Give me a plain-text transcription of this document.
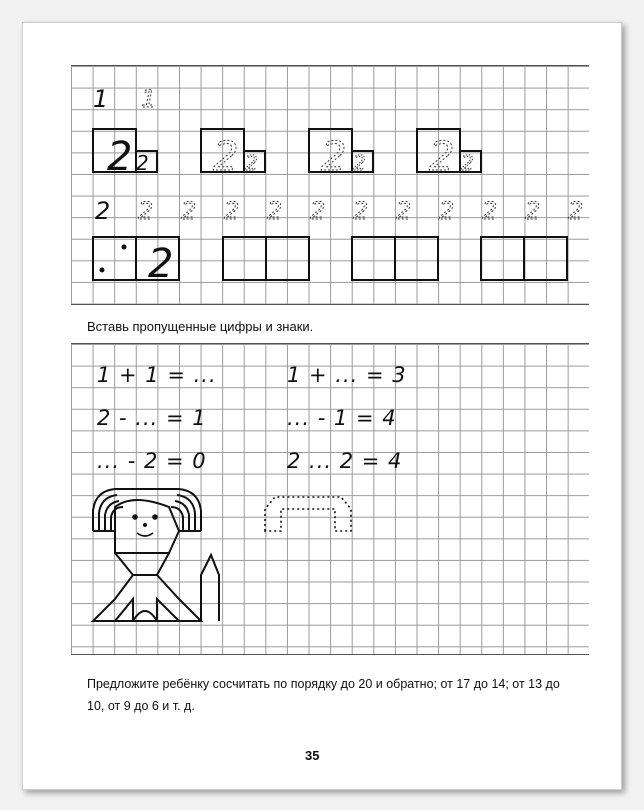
1 1
2 2 2 2 2 2 2 2
2 2 2 2 2 2 2 2 2 2 2 2
2
Вставь пропущенные цифры и знаки.
1 + 1 = ...
2 - ... = 1
... - 2 = 0
1 + ... = 3
... - 1 = 4
2 ... 2 = 4
Предложите ребёнку сосчитать по порядку до 20 и обратно; от 17 до 14; от 13 до 10, от 9 до 6 и т. д.
35
